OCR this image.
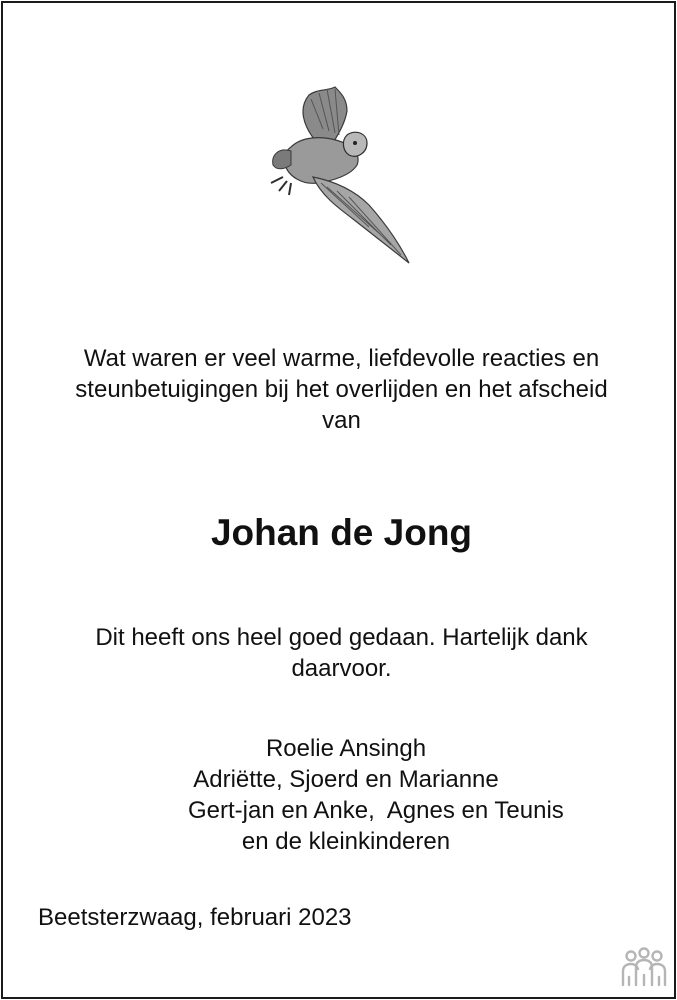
Wat waren er veel warme, liefdevolle reacties en
steunbetuigingen bij het overlijden en het afscheid
van
Johan de Jong
Dit heeft ons heel goed gedaan. Hartelijk dank
daarvoor.
Roelie Ansingh
Adriëtte, Sjoerd en Marianne
Gert-jan en Anke,  Agnes en Teunis
en de kleinkinderen
Beetsterzwaag, februari 2023
